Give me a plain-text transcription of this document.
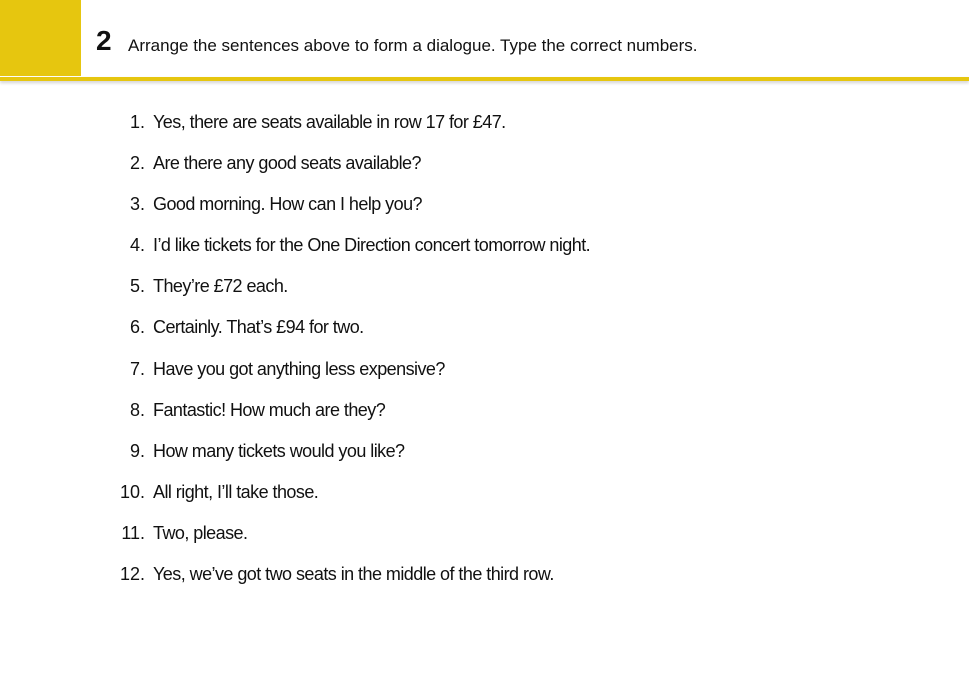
2 Arrange the sentences above to form a dialogue. Type the correct numbers.
1. Yes, there are seats available in row 17 for £47.
2. Are there any good seats available?
3. Good morning. How can I help you?
4. I’d like tickets for the One Direction concert tomorrow night.
5. They’re £72 each.
6. Certainly. That’s £94 for two.
7. Have you got anything less expensive?
8. Fantastic! How much are they?
9. How many tickets would you like?
10. All right, I’ll take those.
11. Two, please.
12. Yes, we’ve got two seats in the middle of the third row.
